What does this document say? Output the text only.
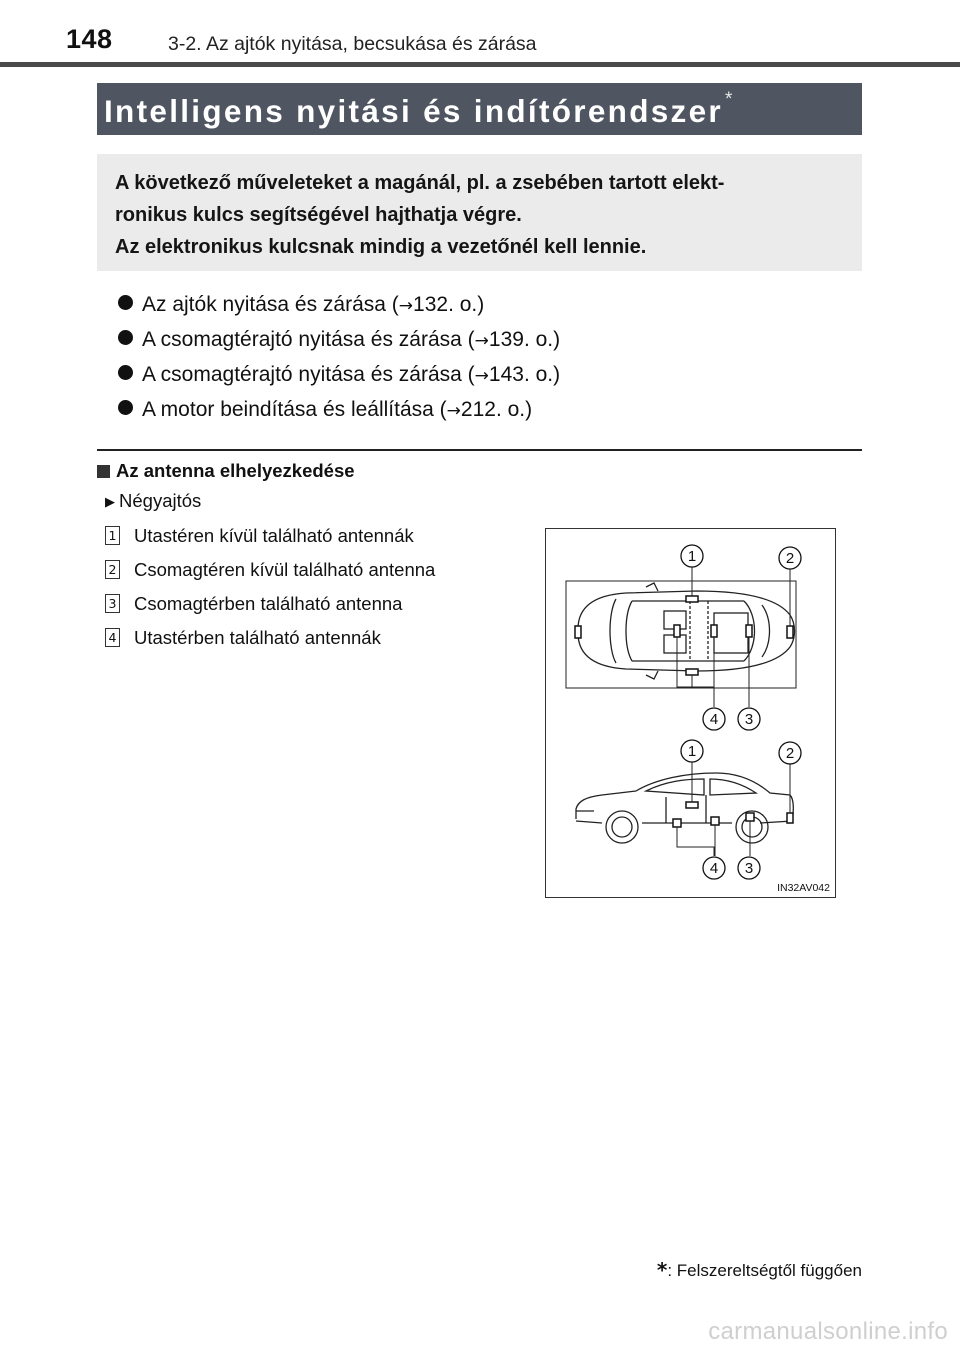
148	3-2. Az ajtók nyitása, becsukása és zárása
Intelligens nyitási és indítórendszer *
A következő műveleteket a magánál, pl. a zsebében tartott elekt-
ronikus kulcs segítségével hajthatja végre.
Az elektronikus kulcsnak mindig a vezetőnél kell lennie.
Az ajtók nyitása és zárása (→132. o.)
A csomagtérajtó nyitása és zárása (→139. o.)
A csomagtérajtó nyitása és zárása (→143. o.)
A motor beindítása és leállítása (→212. o.)
Az antenna elhelyezkedése
▶ Négyajtós
1 Utastéren kívül található antennák
2 Csomagtéren kívül található antenna
3 Csomagtérben található antenna
4 Utastérben található antennák
1	2
4 3
1	2
4 3
IN32AV042
*: Felszereltségtől függően
carmanualsonline.info
